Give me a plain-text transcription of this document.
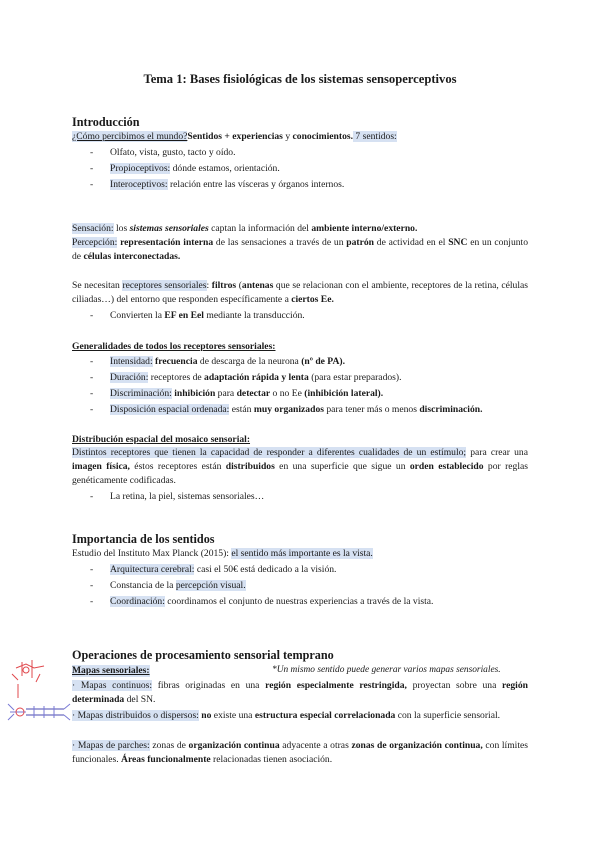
Tema 1: Bases fisiológicas de los sistemas sensoperceptivos
Introducción
¿Cómo percibimos el mundo?Sentidos + experiencias y conocimientos. 7 sentidos:
- Olfato, vista, gusto, tacto y oído.
- Propioceptivos: dónde estamos, orientación.
- Interoceptivos: relación entre las vísceras y órganos internos.
Sensación: los sistemas sensoriales captan la información del ambiente interno/externo.
Percepción: representación interna de las sensaciones a través de un patrón de actividad en el SNC en un conjunto de células interconectadas.
Se necesitan receptores sensoriales: filtros (antenas que se relacionan con el ambiente, receptores de la retina, células ciliadas…) del entorno que responden específicamente a ciertos Ee.
- Convierten la EF en Eel mediante la transducción.
Generalidades de todos los receptores sensoriales:
- Intensidad: frecuencia de descarga de la neurona (nº de PA).
- Duración: receptores de adaptación rápida y lenta (para estar preparados).
- Discriminación: inhibición para detectar o no Ee (inhibición lateral).
- Disposición espacial ordenada: están muy organizados para tener más o menos discriminación.
Distribución espacial del mosaico sensorial:
Distintos receptores que tienen la capacidad de responder a diferentes cualidades de un estímulo; para crear una imagen física, éstos receptores están distribuidos en una superficie que sigue un orden establecido por reglas genéticamente codificadas.
- La retina, la piel, sistemas sensoriales…
Importancia de los sentidos
Estudio del Instituto Max Planck (2015): el sentido más importante es la vista.
- Arquitectura cerebral: casi el 50€ está dedicado a la visión.
- Constancia de la percepción visual.
- Coordinación: coordinamos el conjunto de nuestras experiencias a través de la vista.
Operaciones de procesamiento sensorial temprano
Mapas sensoriales:	*Un mismo sentido puede generar varios mapas sensoriales.
· Mapas continuos: fibras originadas en una región especialmente restringida, proyectan sobre una región determinada del SN.
· Mapas distribuidos o dispersos: no existe una estructura especial correlacionada con la superficie sensorial.
· Mapas de parches: zonas de organización continua adyacente a otras zonas de organización continua, con límites funcionales. Áreas funcionalmente relacionadas tienen asociación.
